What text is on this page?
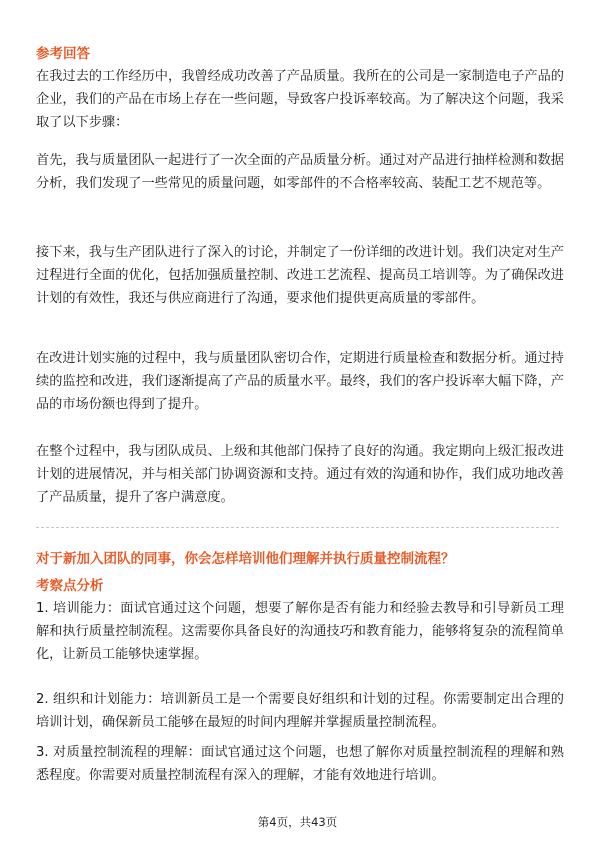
参考回答

在我过去的工作经历中，我曾经成功改善了产品质量。我所在的公司是一家制造电子产品的企业，我们的产品在市场上存在一些问题，导致客户投诉率较高。为了解决这个问题，我采取了以下步骤：

首先，我与质量团队一起进行了一次全面的产品质量分析。通过对产品进行抽样检测和数据分析，我们发现了一些常见的质量问题，如零部件的不合格率较高、装配工艺不规范等。

接下来，我与生产团队进行了深入的讨论，并制定了一份详细的改进计划。我们决定对生产过程进行全面的优化，包括加强质量控制、改进工艺流程、提高员工培训等。为了确保改进计划的有效性，我还与供应商进行了沟通，要求他们提供更高质量的零部件。

在改进计划实施的过程中，我与质量团队密切合作，定期进行质量检查和数据分析。通过持续的监控和改进，我们逐渐提高了产品的质量水平。最终，我们的客户投诉率大幅下降，产品的市场份额也得到了提升。

在整个过程中，我与团队成员、上级和其他部门保持了良好的沟通。我定期向上级汇报改进计划的进展情况，并与相关部门协调资源和支持。通过有效的沟通和协作，我们成功地改善了产品质量，提升了客户满意度。

对于新加入团队的同事，你会怎样培训他们理解并执行质量控制流程？
考察点分析

1. 培训能力：面试官通过这个问题，想要了解你是否有能力和经验去教导和引导新员工理解和执行质量控制流程。这需要你具备良好的沟通技巧和教育能力，能够将复杂的流程简单化，让新员工能够快速掌握。

2. 组织和计划能力：培训新员工是一个需要良好组织和计划的过程。你需要制定出合理的培训计划，确保新员工能够在最短的时间内理解并掌握质量控制流程。

3. 对质量控制流程的理解：面试官通过这个问题，也想了解你对质量控制流程的理解和熟悉程度。你需要对质量控制流程有深入的理解，才能有效地进行培训。

第4页，共43页
